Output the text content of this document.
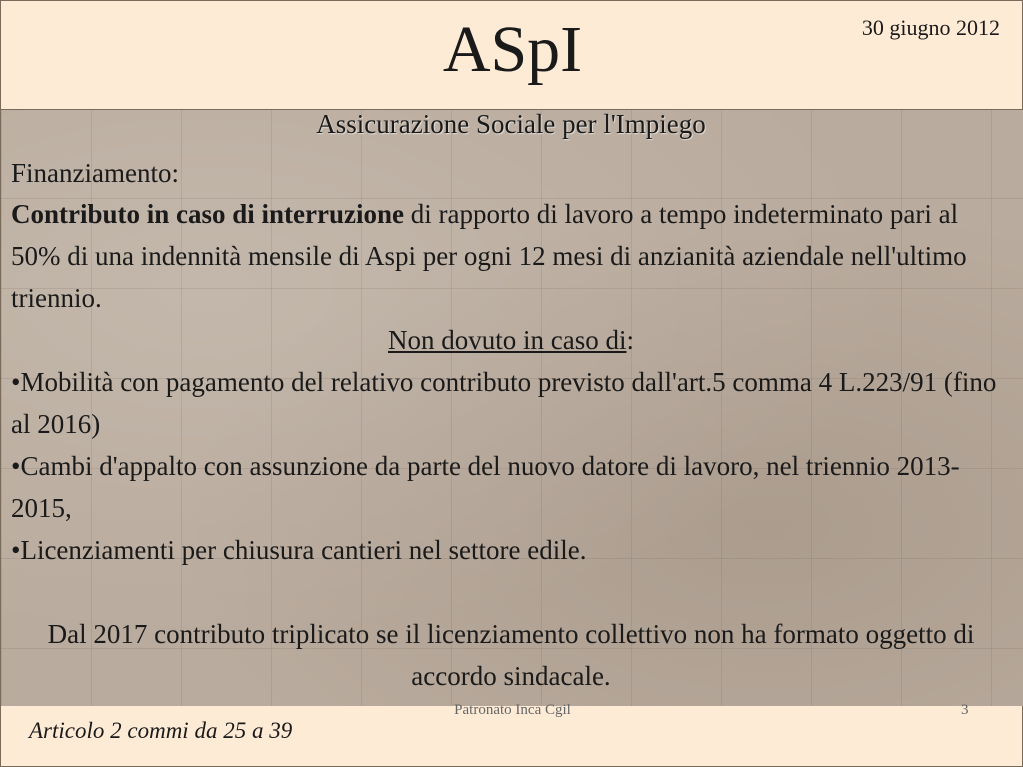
ASpI	30 giugno 2012

Assicurazione Sociale per l'Impiego

Finanziamento:

Contributo in caso di interruzione di rapporto di lavoro a tempo indeterminato pari al 50% di una indennità mensile di Aspi per ogni 12 mesi di anzianità aziendale nell'ultimo triennio.

Non dovuto in caso di:

•Mobilità con pagamento del relativo contributo previsto dall'art.5 comma 4 L.223/91 (fino al 2016)

•Cambi d'appalto con assunzione da parte del nuovo datore di lavoro, nel triennio 2013-2015,

•Licenziamenti per chiusura cantieri nel settore edile.

Dal 2017 contributo triplicato se il licenziamento collettivo non ha formato oggetto di accordo sindacale.

Patronato Inca Cgil	3
Articolo 2 commi da 25 a 39
